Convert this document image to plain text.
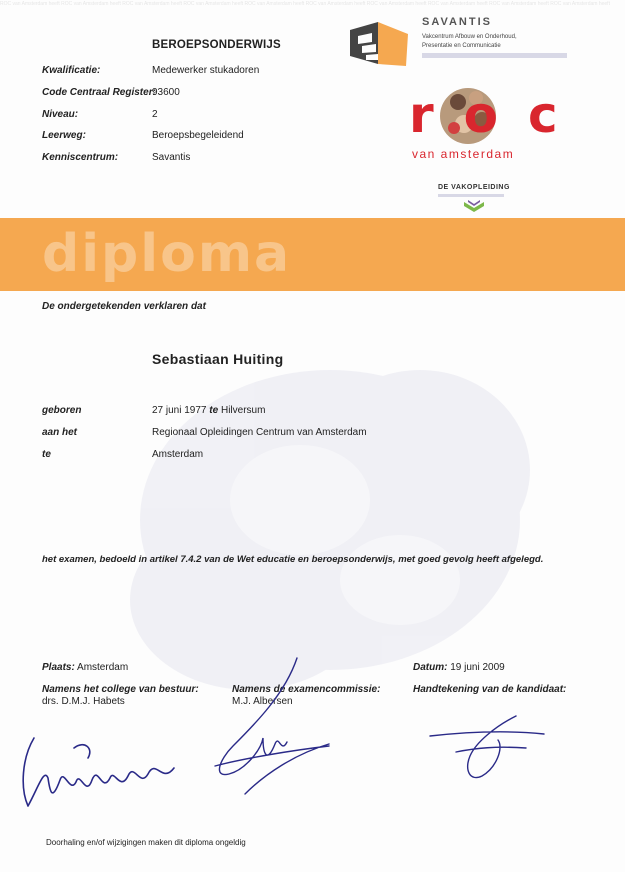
ROC van Amsterdam heeft ROC van Amsterdam heeft ROC van Amsterdam heeft ROC van Amsterdam heeft ROC van Amsterdam heeft ROC van Amsterdam heeft ROC van Amsterdam heeft ROC van Amsterdam heeft ROC van Amsterdam heeft ROC van Amsterdam heeft
BEROEPSONDERWIJS
Kwalificatie:	Medewerker stukadoren
Code Centraal Register:
93600
Niveau:	2
Leerweg:	Beroepsbegeleidend
Kenniscentrum:	Savantis
SAVANTIS
Vakcentrum Afbouw en Onderhoud,
Presentatie en Communicatie
roc
van amsterdam
DE VAKOPLEIDING
diploma
De ondergetekenden verklaren dat
Sebastiaan Huiting
geboren	27 juni 1977 te Hilversum
aan het	Regionaal Opleidingen Centrum van Amsterdam
te	Amsterdam
het examen, bedoeld in artikel 7.4.2 van de Wet educatie en beroepsonderwijs, met goed gevolg heeft afgelegd.
Plaats: Amsterdam	Datum: 19 juni 2009
Namens het college van bestuur:
drs. D.M.J. Habets
Namens de examencommissie:
M.J. Albersen
Handtekening van de kandidaat:
Doorhaling en/of wijzigingen maken dit diploma ongeldig
